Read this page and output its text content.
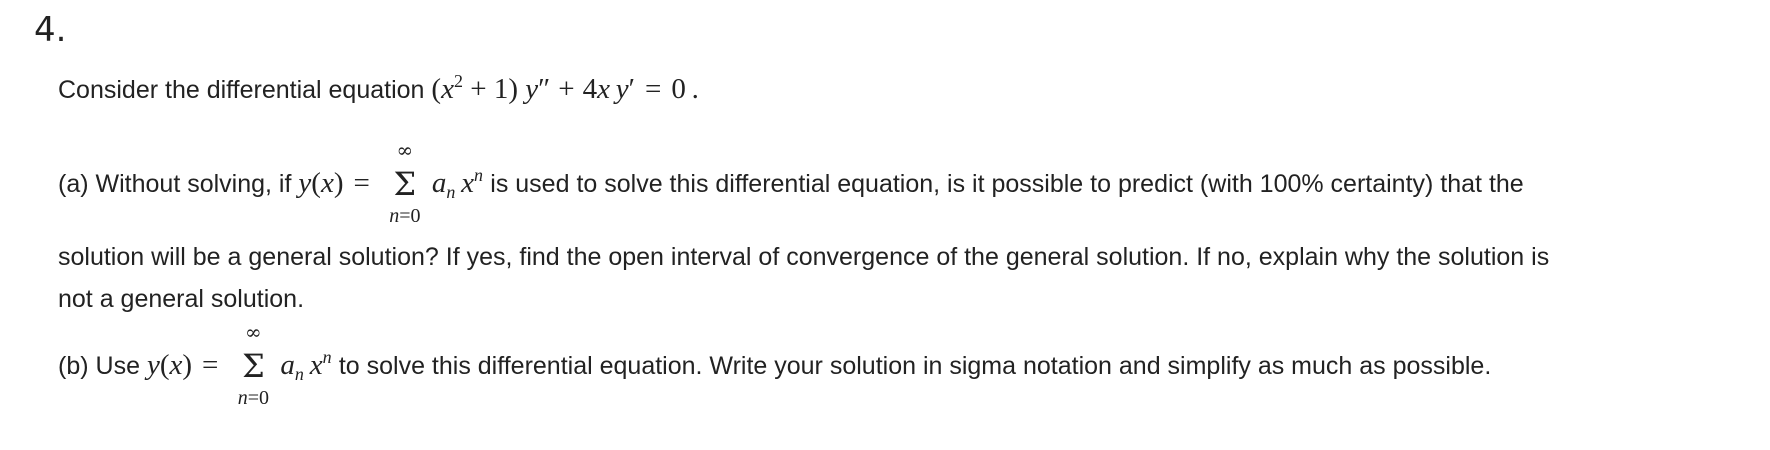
4.
Consider the differential equation $(x^2 + 1) y'' + 4x$  y′ = 0  .
(a) Without solving, if y(x) =
∞
Σ
n=0
$a_n$  $x^n$ is used to solve this differential equation, is it possible to predict (with 100% certainty) that the
solution will be a general solution? If yes, find the open interval of convergence of the general solution. If no, explain why the solution is
not a general solution.
(b) Use y(x) =
∞
Σ
n=0
$a_n$  $x^n$ to solve this differential equation. Write your solution in sigma notation and simplify as much as possible.
